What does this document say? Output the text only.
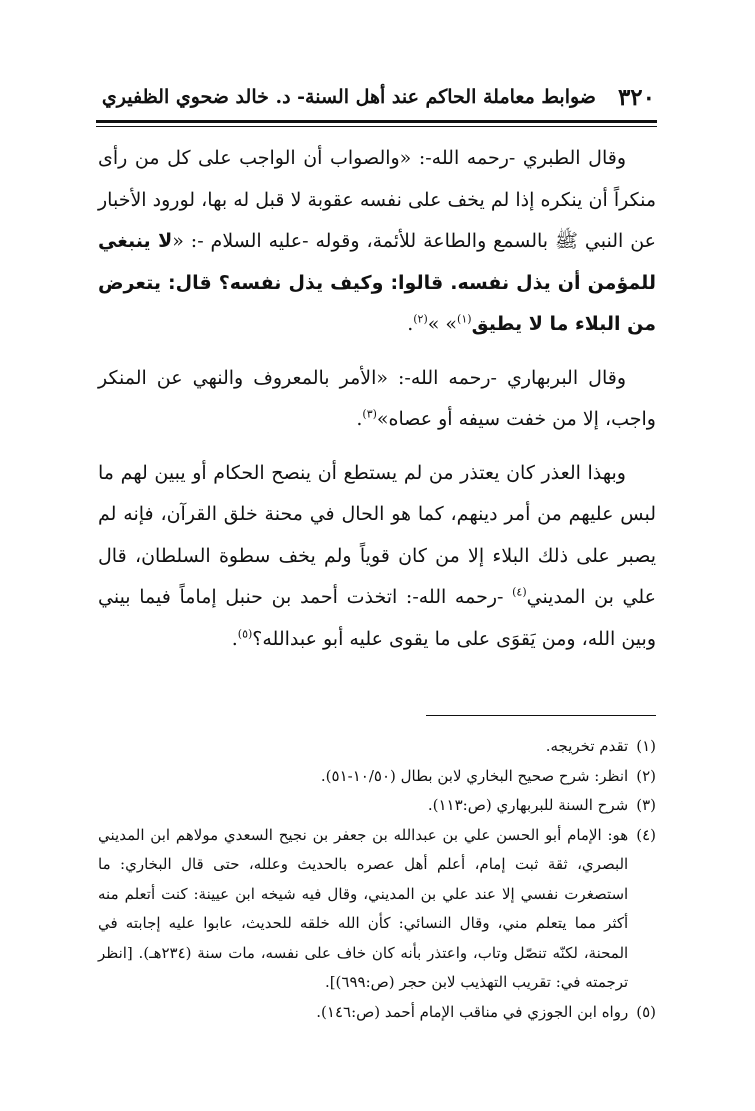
٣٢٠
ضوابط معاملة الحاكم عند أهل السنة- د. خالد ضحوي الظفيري

وقال الطبري -رحمه الله-: «والصواب أن الواجب على كل من رأى منكراً أن ينكره إذا لم يخف على نفسه عقوبة لا قبل له بها، لورود الأخبار عن النبي ﷺ بالسمع والطاعة للأئمة، وقوله -عليه السلام -: «لا ينبغي للمؤمن أن يذل نفسه. قالوا: وكيف يذل نفسه؟ قال: يتعرض من البلاء ما لا يطيق$^{(١)}$» »$^{(٢)}$.

وقال البربهاري -رحمه الله-: «الأمر بالمعروف والنهي عن المنكر واجب، إلا من خفت سيفه أو عصاه»$^{(٣)}$.

وبهذا العذر كان يعتذر من لم يستطع أن ينصح الحكام أو يبين لهم ما لبس عليهم من أمر دينهم، كما هو الحال في محنة خلق القرآن، فإنه لم يصبر على ذلك البلاء إلا من كان قوياً ولم يخف سطوة السلطان، قال علي بن المديني$^{(٤)}$ -رحمه الله-: اتخذت أحمد بن حنبل إماماً فيما بيني وبين الله، ومن يَقوَى على ما يقوى عليه أبو عبدالله؟$^{(٥)}$.

(١)
تقدم تخريجه.

(٢)
انظر: شرح صحيح البخاري لابن بطال (١٠/٥٠-٥١).

(٣)
شرح السنة للبربهاري (ص:١١٣).

(٤)
هو: الإمام أبو الحسن علي بن عبدالله بن جعفر بن نجيح السعدي مولاهم ابن المديني البصري، ثقة ثبت إمام، أعلم أهل عصره بالحديث وعلله، حتى قال البخاري: ما استصغرت نفسي إلا عند علي بن المديني، وقال فيه شيخه ابن عيينة: كنت أتعلم منه أكثر مما يتعلم مني، وقال النسائي: كأن الله خلقه للحديث، عابوا عليه إجابته في المحنة، لكنّه تنصّل وتاب، واعتذر بأنه كان خاف على نفسه، مات سنة (٢٣٤هـ). [انظر ترجمته في: تقريب التهذيب لابن حجر (ص:٦٩٩)].

(٥)
رواه ابن الجوزي في مناقب الإمام أحمد (ص:١٤٦).
